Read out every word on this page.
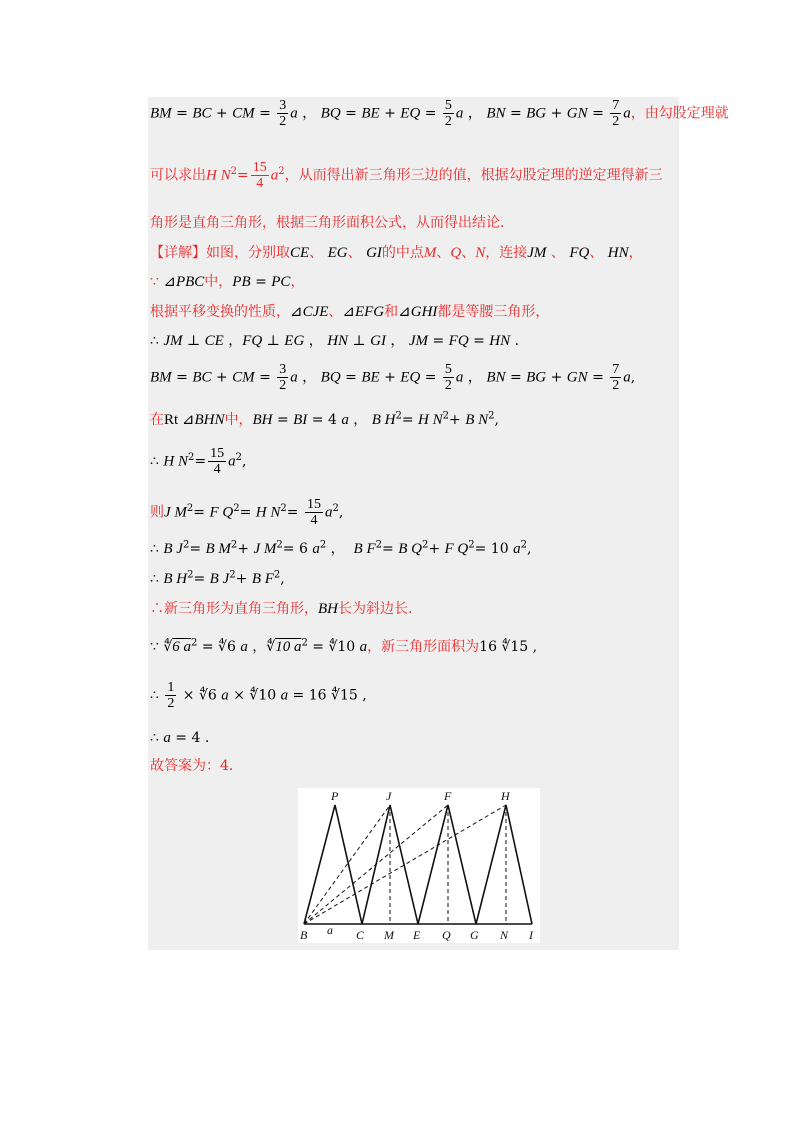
BM = BC + CM = $\frac{3}{2}$ a ， BQ = BE + EQ = $\frac{5}{2}$ a ， BN = BG + GN = $\frac{7}{2}$ a，由勾股定理就
可以求出H $N^2= \frac{15}{4} a^2$，从而得出新三角形三边的值，根据勾股定理的逆定理得新三
角形是直角三角形，根据三角形面积公式，从而得出结论．
【详解】如图，分别取CE、 EG、 GI的中点M、Q、N，连接JM 、 FQ、 HN，
∵ ⊿PBC中，PB = PC，
根据平移变换的性质，⊿CJE、⊿EFG和⊿GHI都是等腰三角形，
∴ JM ⊥ CE ，FQ ⊥ EG ， HN ⊥ GI ， JM = FQ = HN .
BM = BC + CM = $\frac{3}{2}$ a ， BQ = BE + EQ = $\frac{5}{2}$ a ， BN = BG + GN = $\frac{7}{2} a$,
在Rt ⊿BHN中，BH = BI = 4 a ， B $H^2= H$ $N^2+ B$ $N^2$,
∴ H $N^2= \frac{15}{4} a^2$,
则J $M^2= F$ $Q^2= H$ $N^2= \frac{15}{4} a^2$,
∴ B $J^2= B$ $M^2+ J$ $M^2= 6$ $a^2$ ，  B $F^2= B$ $Q^2+ F$ $Q^2= 10$ $a^2$,
∴ B $H^2= B$ $J^2+ B$ $F^2$,
∴新三角形为直角三角形，BH长为斜边长．
∵ ∜6 $a^2$ = ∜6 a ，∜10 $a^2$ = ∜10 a，新三角形面积为16 ∜15 ,
∴ $\frac{1}{2}$ × ∜6 a × ∜10 a = 16 ∜15 ,
∴ a = 4 .
故答案为：4．
P	J	F	H
B a C M E Q G N I
